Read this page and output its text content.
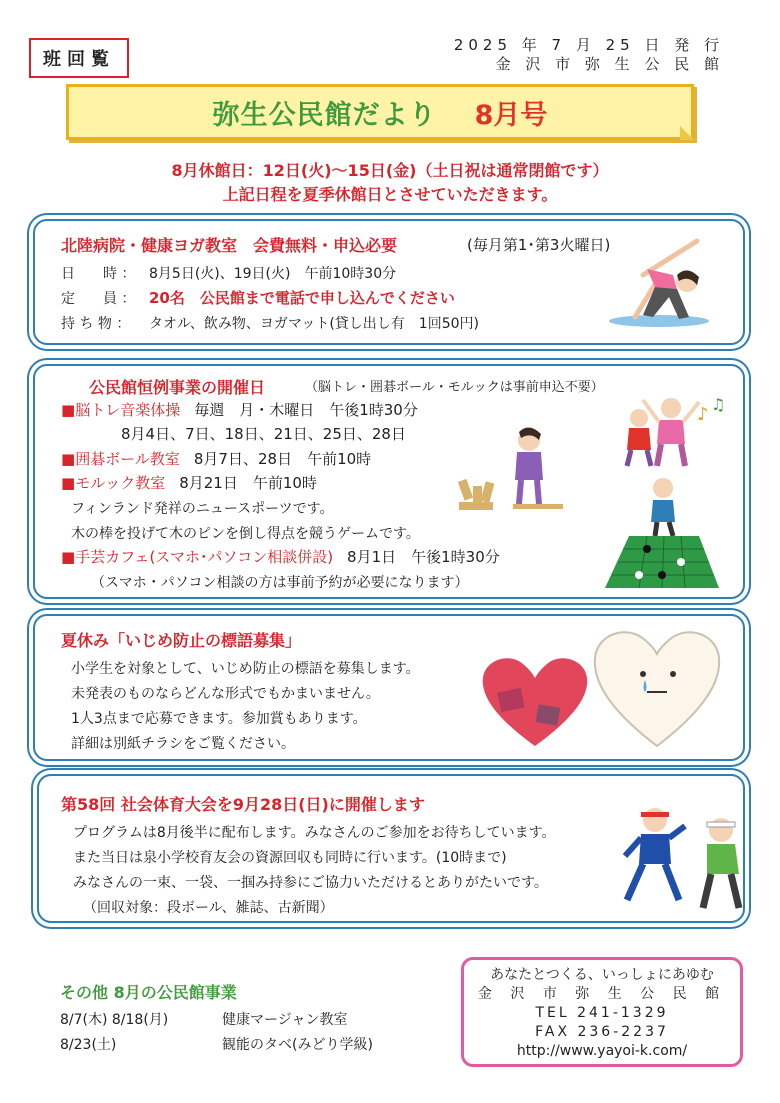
班回覧
2025 年 7 月 25 日 発 行
金 沢 市 弥 生 公 民 館
弥生公民館だより 8月号
8月休館日：12日(火)～15日(金)（土日祝は通常閉館です）
上記日程を夏季休館日とさせていただきます。
北陸病院・健康ヨガ教室　会費無料・申込必要	(毎月第1･第3火曜日)
日　　時 ： 8月5日(火)、19日(火)　午前10時30分
定　　員 ： 20名　公民館まで電話で申し込んでください
持 ち 物 ： タオル、飲み物、ヨガマット(貸し出し有　1回50円)
公民館恒例事業の開催日	（脳トレ・囲碁ボール・モルックは事前申込不要）
■脳トレ音楽体操 毎週　月・木曜日　午後1時30分
8月4日、7日、18日、21日、25日、28日
■囲碁ボール教室 8月7日、28日　午前10時
■モルック教室 8月21日　午前10時
フィンランド発祥のニュースポーツです。
木の棒を投げて木のピンを倒し得点を競うゲームです。
■手芸カフェ(スマホ･パソコン相談併設) 8月1日　午後1時30分
（スマホ・パソコン相談の方は事前予約が必要になります）
♪ ♫
夏休み「いじめ防止の標語募集」
小学生を対象として、いじめ防止の標語を募集します。
未発表のものならどんな形式でもかまいません。
1人3点まで応募できます。参加賞もあります。
詳細は別紙チラシをご覧ください。
第58回 社会体育大会を9月28日(日)に開催します
プログラムは8月後半に配布します。みなさんのご参加をお待ちしています。
また当日は泉小学校育友会の資源回収も同時に行います。(10時まで)
みなさんの一束、一袋、一掴み持参にご協力いただけるとありがたいです。
（回収対象：段ボール、雑誌、古新聞）
その他 8月の公民館事業
8/7(木) 8/18(月)	健康マージャン教室
8/23(土)	観能のタベ(みどり学級)
あなたとつくる、いっしょにあゆむ
金 沢 市 弥 生 公 民 館
TEL 241-1329
FAX 236-2237
http://www.yayoi-k.com/
